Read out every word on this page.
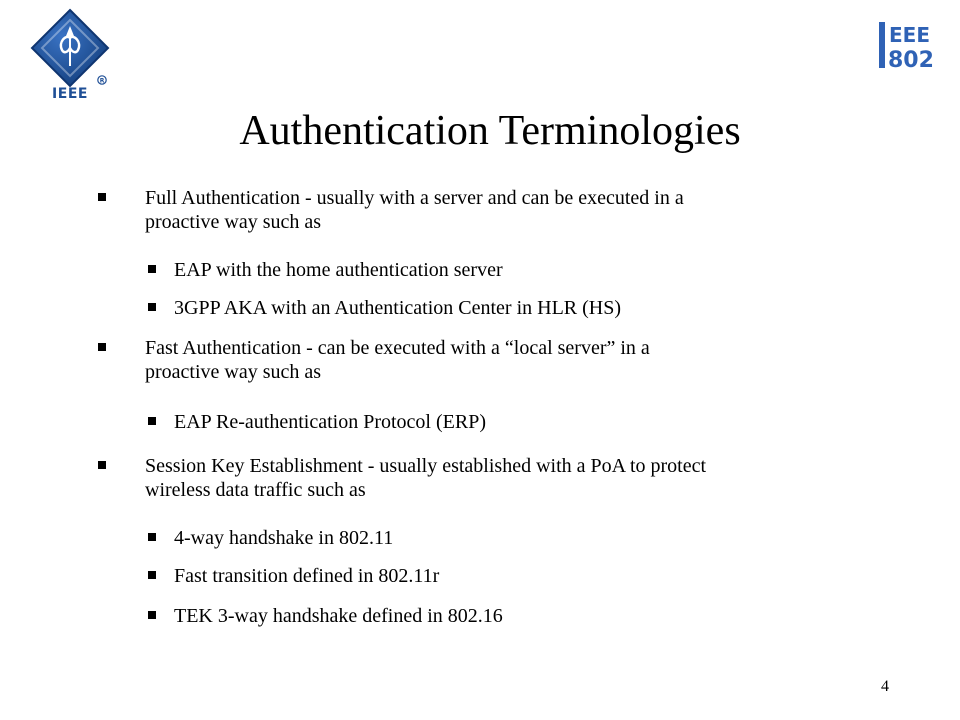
R
IEEE
EEE
802
Authentication Terminologies
Full Authentication - usually with a server and can be executed in a
proactive way such as
EAP with the home authentication server
3GPP AKA with an Authentication Center in HLR (HS)
Fast Authentication - can be executed with a “local server” in a
proactive way such as
EAP Re-authentication Protocol (ERP)
Session Key Establishment - usually established with a PoA to protect
wireless data traffic such as
4-way handshake in 802.11
Fast transition defined in 802.11r
TEK 3-way handshake defined in 802.16
4
